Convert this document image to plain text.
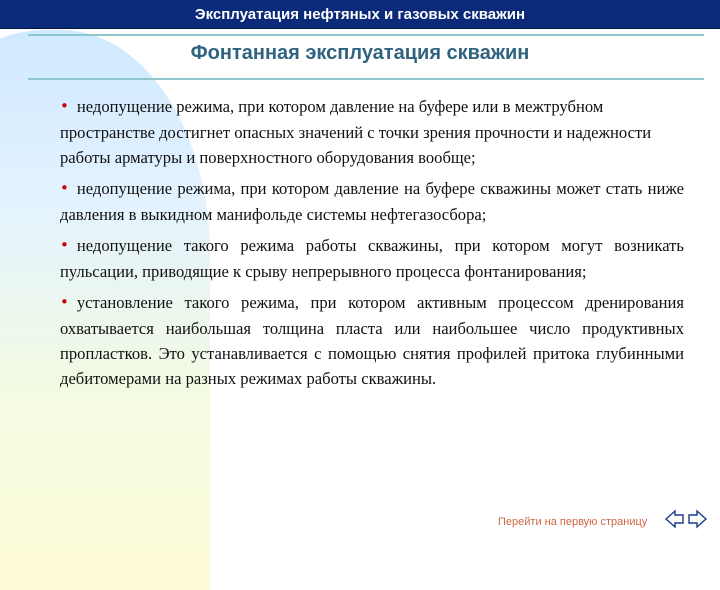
Эксплуатация нефтяных и газовых скважин
Фонтанная эксплуатация скважин
• недопущение режима, при котором давление на буфере или в межтрубном пространстве достигнет опасных значений с точки зрения прочности и надежности работы арматуры и поверхностного оборудования вообще;
• недопущение режима, при котором давление на буфере скважины может стать ниже давления в выкидном манифольде системы нефтегазосбора;
• недопущение такого режима работы скважины, при котором могут возникать пульсации, приводящие к срыву непрерывного процесса фонтанирования;
• установление такого режима, при котором активным процессом дренирования охватывается наибольшая толщина пласта или наибольшее число продуктивных пропластков. Это устанавливается с помощью снятия профилей притока глубинными дебитомерами на разных режимах работы скважины.
Перейти на первую страницу
